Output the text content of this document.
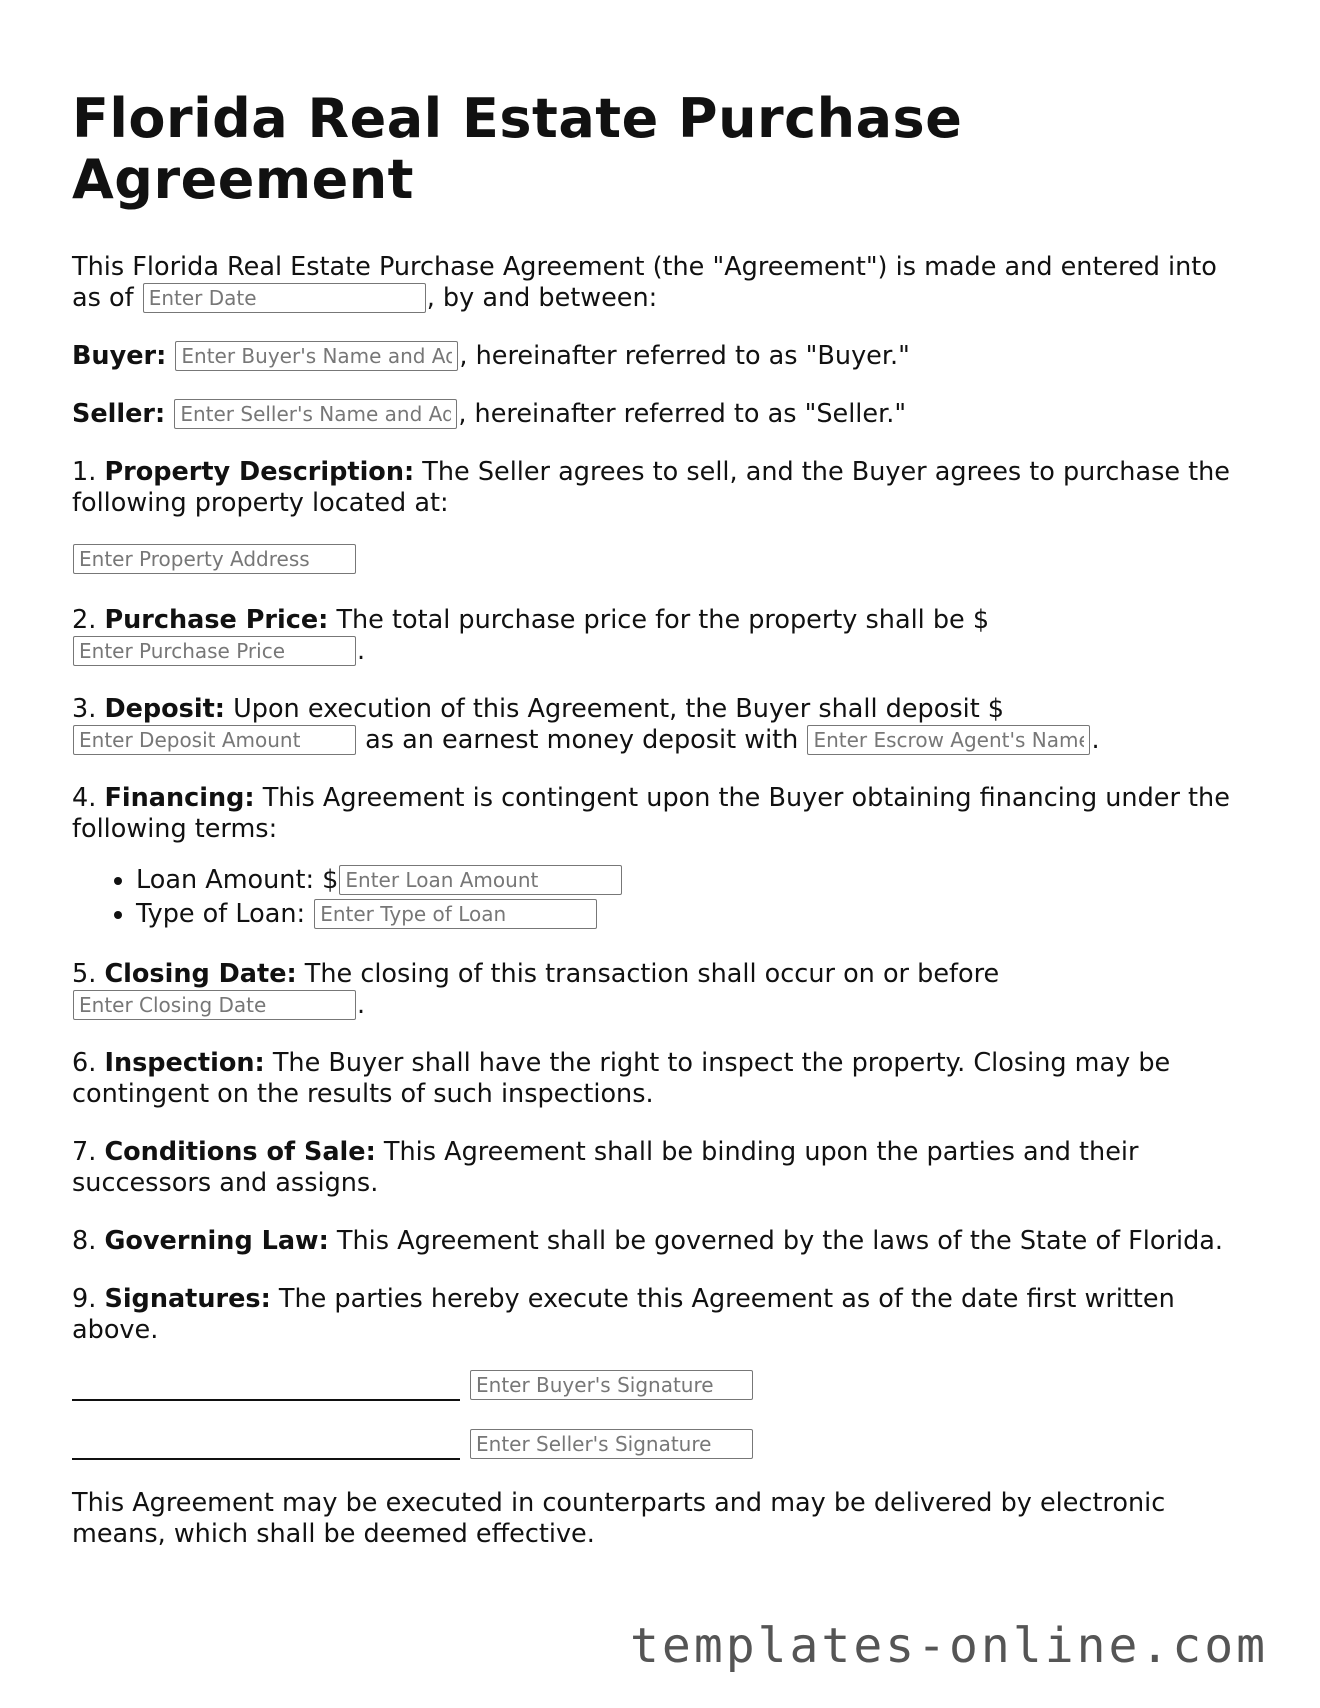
Florida Real Estate Purchase Agreement

This Florida Real Estate Purchase Agreement (the "Agreement") is made and entered into as of Enter Date	, by and between:

Buyer: Enter Buyer's Name and Address	, hereinafter referred to as "Buyer."

Seller: Enter Seller's Name and Address	, hereinafter referred to as "Seller."

1. Property Description: The Seller agrees to sell, and the Buyer agrees to purchase the following property located at:

Enter Property Address

2. Purchase Price: The total purchase price for the property shall be $
Enter Purchase Price.

3. Deposit: Upon execution of this Agreement, the Buyer shall deposit $
Enter Deposit Amount as an earnest money deposit with Enter Escrow Agent's Name	.

4. Financing: This Agreement is contingent upon the Buyer obtaining financing under the following terms:

• Loan Amount: $Enter Loan Amount
• Type of Loan: Enter Type of Loan

5. Closing Date: The closing of this transaction shall occur on or before
Enter Closing Date.

6. Inspection: The Buyer shall have the right to inspect the property. Closing may be contingent on the results of such inspections.

7. Conditions of Sale: This Agreement shall be binding upon the parties and their successors and assigns.

8. Governing Law: This Agreement shall be governed by the laws of the State of Florida.

9. Signatures: The parties hereby execute this Agreement as of the date first written above.

Enter Buyer's Signature
Enter Seller's Signature

This Agreement may be executed in counterparts and may be delivered by electronic means, which shall be deemed effective.

templates-online.com
